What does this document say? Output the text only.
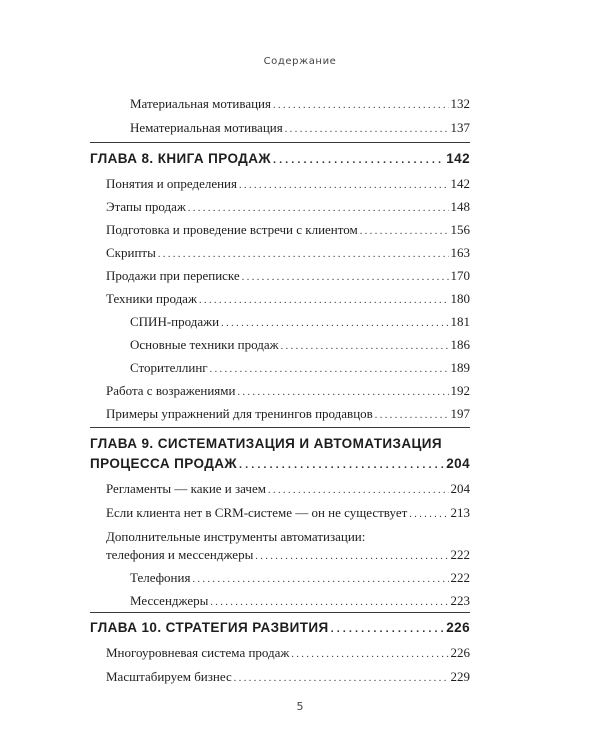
Содержание
Материальная мотивация . . .	132
Нематериальная мотивация . . .	137
ГЛАВА 8. КНИГА ПРОДАЖ . . .	142
Понятия и определения . . .	142
Этапы продаж . . .	148
Подготовка и проведение встречи с клиентом . . .	156
Скрипты . . .	163
Продажи при переписке . . .	170
Техники продаж . . .	180
СПИН-продажи . . .	181
Основные техники продаж . . .	186
Сторителлинг . . .	189
Работа с возражениями . . .	192
Примеры упражнений для тренингов продавцов . . .	197
ГЛАВА 9. СИСТЕМАТИЗАЦИЯ И АВТОМАТИЗАЦИЯ
ПРОЦЕССА ПРОДАЖ . . .	204
Регламенты — какие и зачем . . .	204
Если клиента нет в CRM-системе — он не существует . . .	213
Дополнительные инструменты автоматизации:
телефония и мессенджеры . . .	222
Телефония . . .	222
Мессенджеры . . .	223
ГЛАВА 10. СТРАТЕГИЯ РАЗВИТИЯ . . .	226
Многоуровневая система продаж . . .	226
Масштабируем бизнес . . .	229
5
